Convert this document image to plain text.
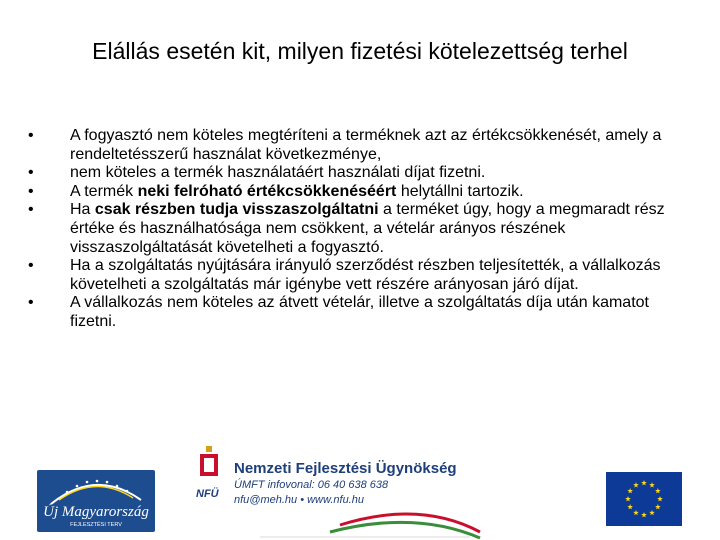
Elállás esetén kit, milyen fizetési kötelezettség terhel
• A fogyasztó nem köteles megtéríteni a terméknek azt az értékcsökkenését, amely a rendeltetésszerű használat következménye,
• nem köteles a termék használatáért használati díjat fizetni.
• A termék neki felróható értékcsökkenéséért helytállni tartozik.
• Ha csak részben tudja visszaszolgáltatni a terméket úgy, hogy a megmaradt rész értéke és használhatósága nem csökkent, a vételár arányos részének visszaszolgáltatását követelheti a fogyasztó.
• Ha a szolgáltatás nyújtására irányuló szerződést részben teljesítették, a vállalkozás követelheti a szolgáltatás már igénybe vett részére arányosan járó díjat.
• A vállalkozás nem köteles az átvett vételár, illetve a szolgáltatás díja után kamatot fizetni.
Új Magyarország
FEJLESZTÉSI TERV
Nemzeti Fejlesztési Ügynökség
ÚMFT infovonal: 06 40 638 638
nfu@meh.hu • www.nfu.hu
NFÜ
